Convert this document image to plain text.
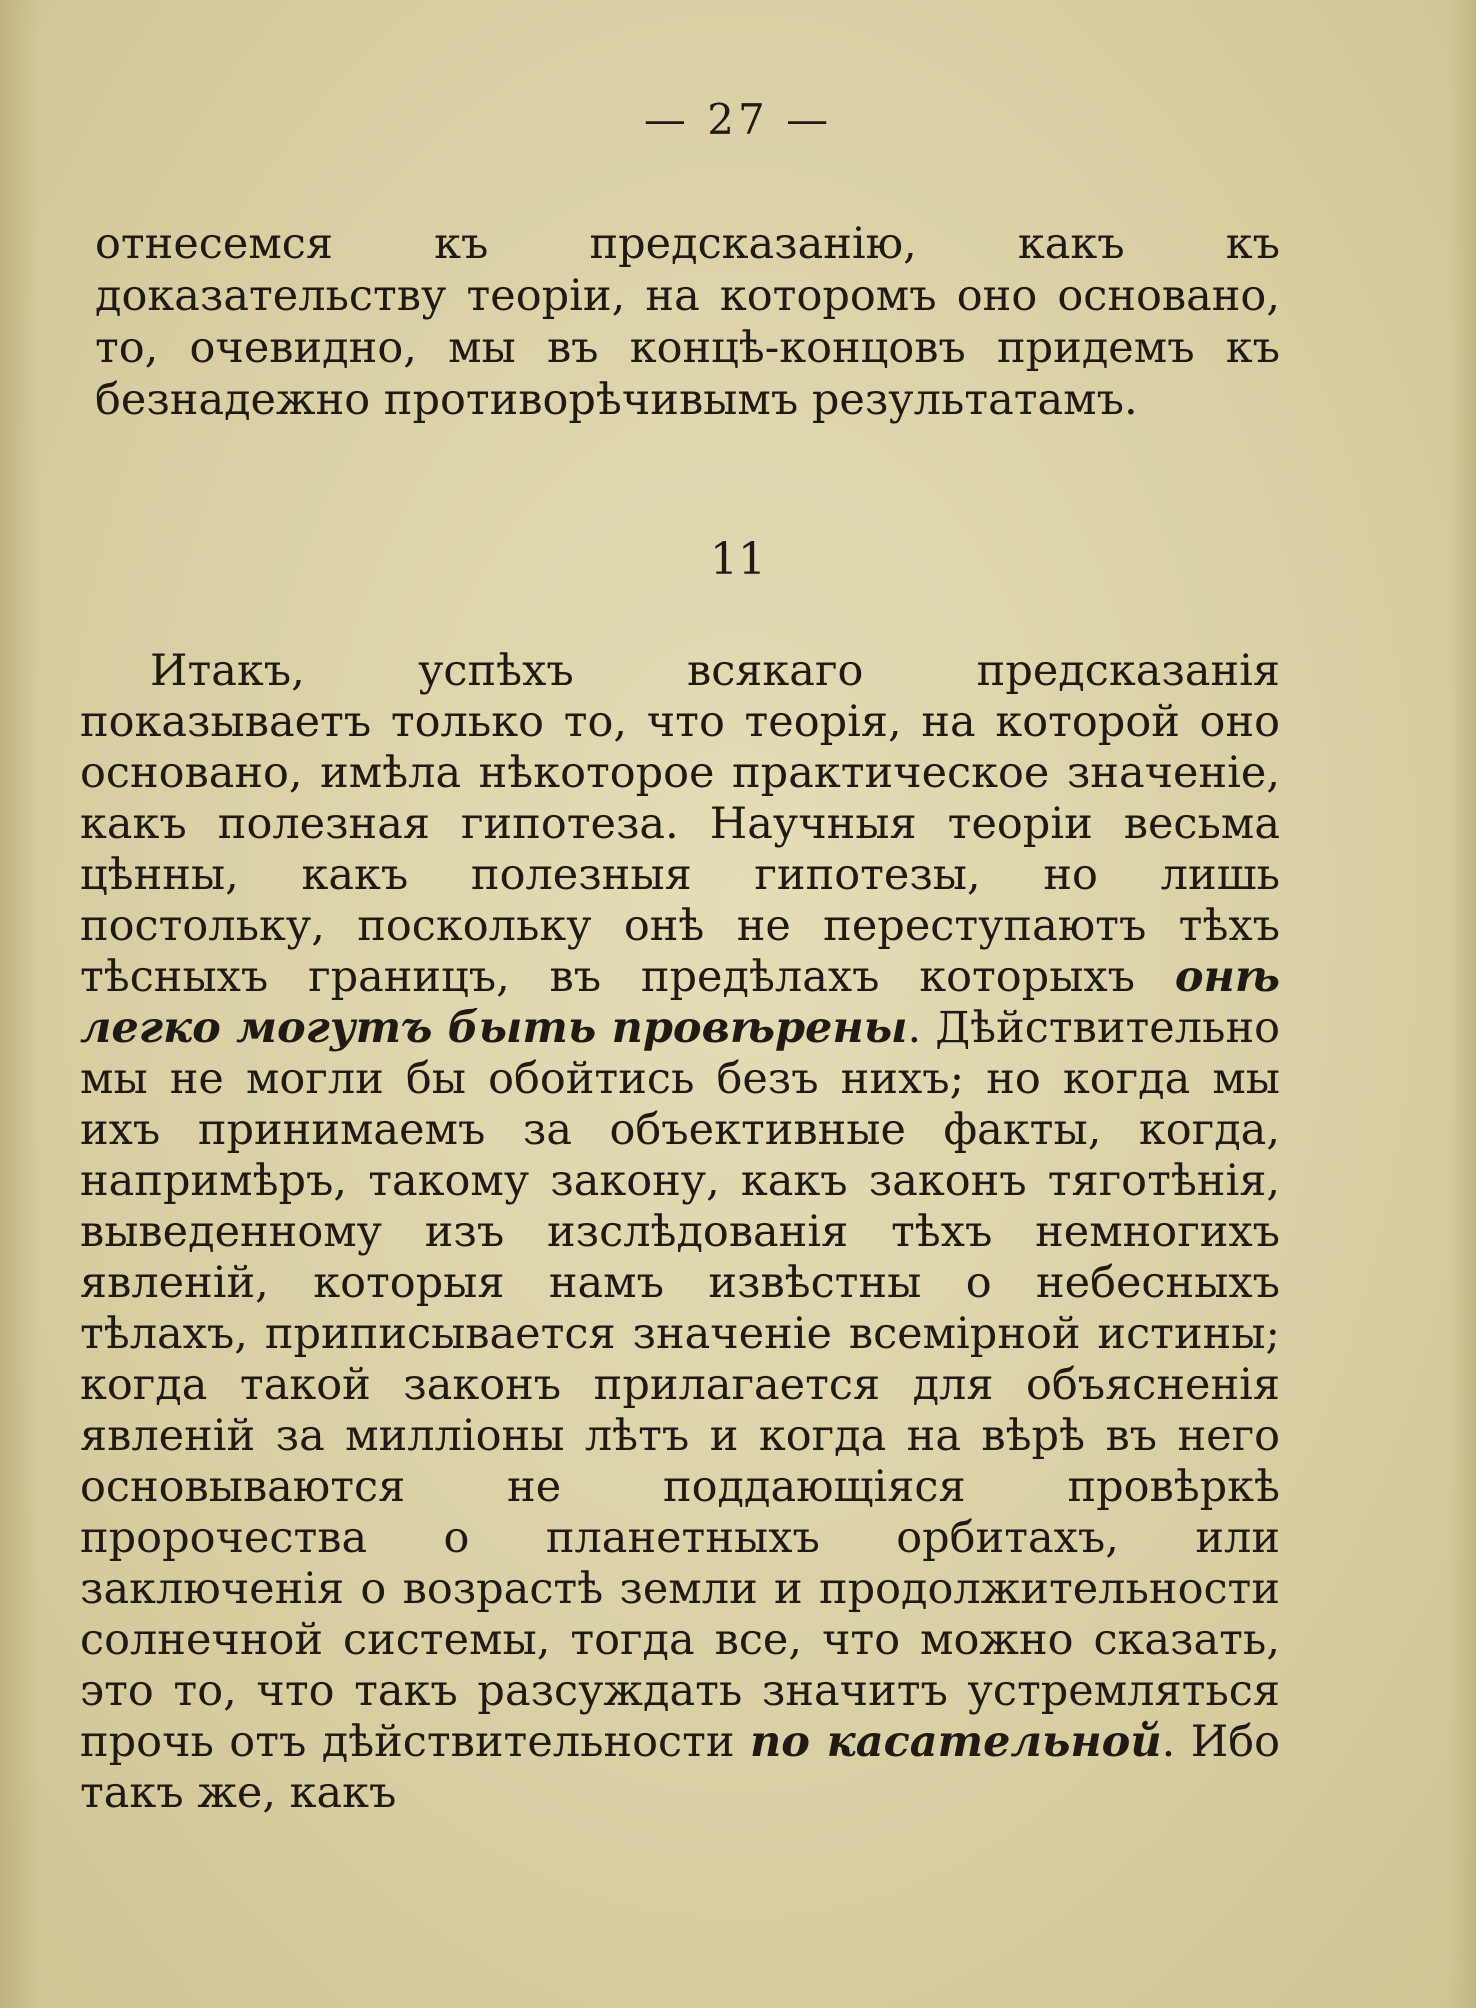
— 27 —

отнесемся къ предсказанію, какъ къ доказательству теоріи, на которомъ оно основано, то, очевидно, мы въ концѣ-концовъ придемъ къ безнадежно противорѣчивымъ результатамъ.

11

Итакъ, успѣхъ всякаго предсказанія показываетъ только то, что теорія, на которой оно основано, имѣла нѣкоторое практическое значеніе, какъ полезная гипотеза. Научныя теоріи весьма цѣнны, какъ полезныя гипотезы, но лишь постольку, поскольку онѣ не переступаютъ тѣхъ тѣсныхъ границъ, въ предѣлахъ которыхъ онѣ легко могутъ быть провѣрены. Дѣйствительно мы не могли бы обойтись безъ нихъ; но когда мы ихъ принимаемъ за объективные факты, когда, напримѣръ, такому закону, какъ законъ тяготѣнія, выведенному изъ изслѣдованія тѣхъ немногихъ явленій, которыя намъ извѣстны о небесныхъ тѣлахъ, приписывается значеніе всемірной истины; когда такой законъ прилагается для объясненія явленій за милліоны лѣтъ и когда на вѣрѣ въ него основываются не поддающіяся провѣркѣ пророчества о планетныхъ орбитахъ, или заключенія о возрастѣ земли и продолжительности солнечной системы, тогда все, что можно сказать, это то, что такъ разсуждать значитъ устремляться прочь отъ дѣйствительности по касательной. Ибо такъ же, какъ
